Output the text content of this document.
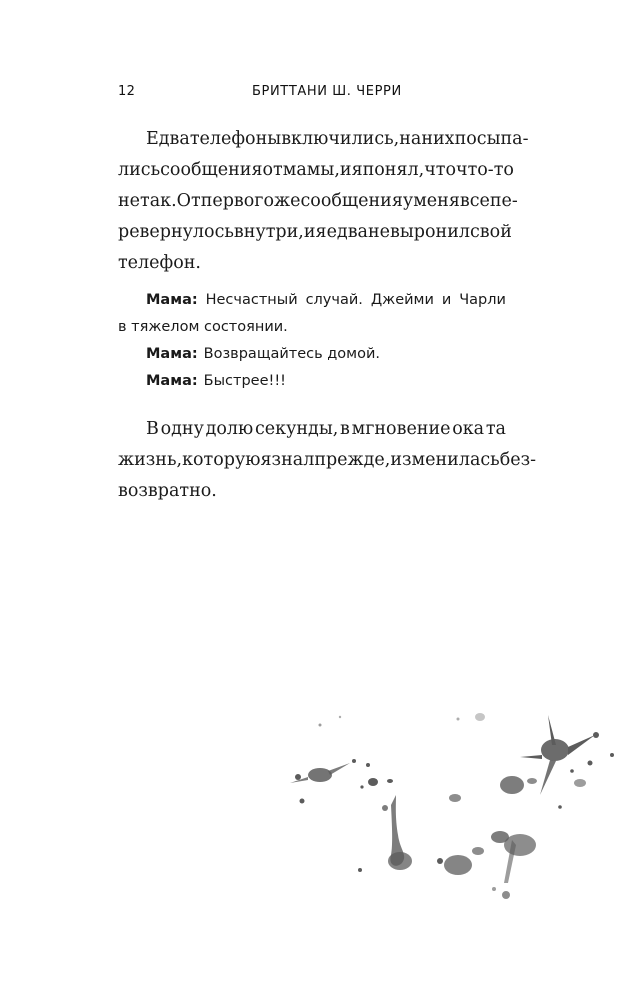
12	БРИТТАНИ Ш. ЧЕРРИ
Едва телефоны включились, на них посыпа-
лись сообщения от мамы, и я понял, что что-то
не так. От первого же сообщения у меня все пе-
ревернулось внутри, и я едва не выронил свой
телефон.
Мама: Несчастный случай. Джейми и Чарли
в тяжелом состоянии.
Мама: Возвращайтесь домой.
Мама: Быстрее!!!
В одну долю секунды, в мгновение ока та
жизнь, которую я знал прежде, изменилась без-
возвратно.
